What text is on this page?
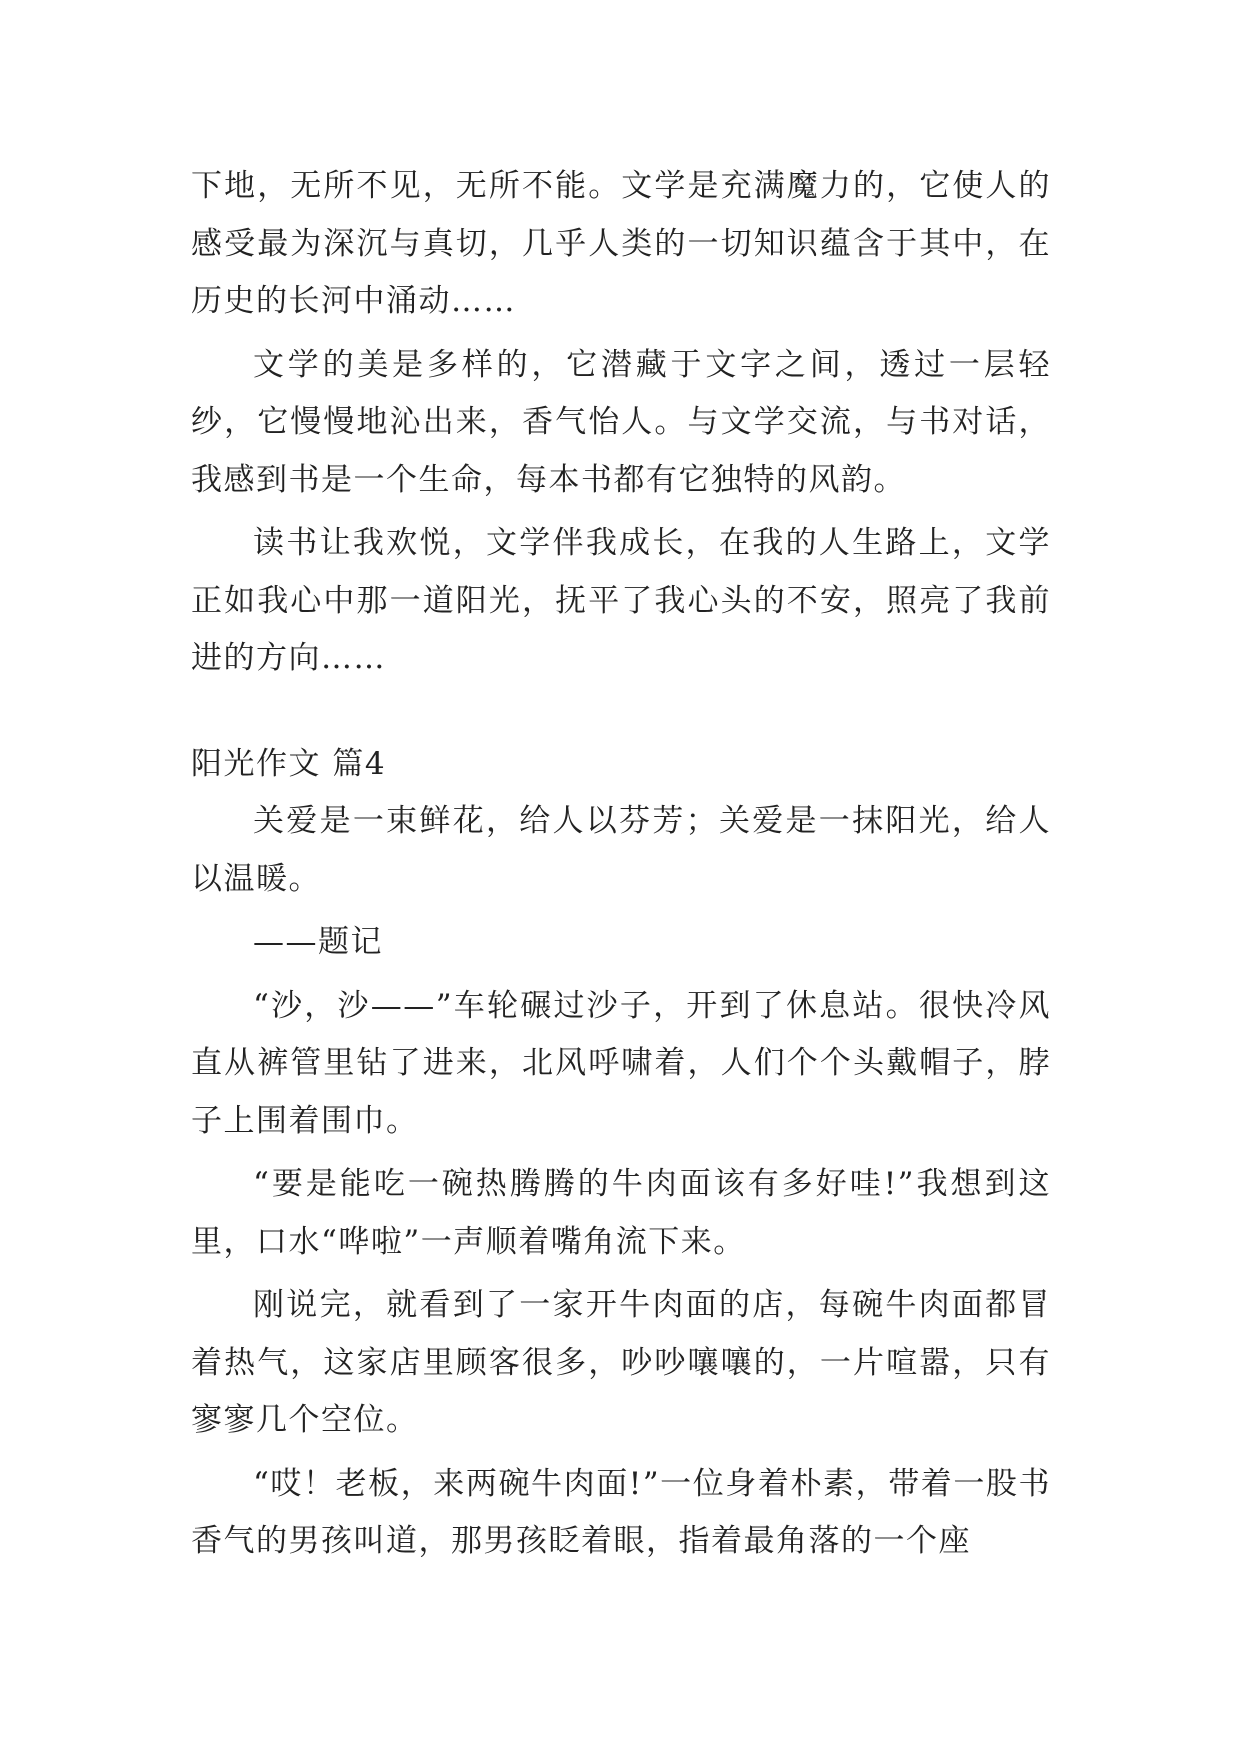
下地，无所不见，无所不能。文学是充满魔力的，它使人的感受最为深沉与真切，几乎人类的一切知识蕴含于其中，在历史的长河中涌动……

文学的美是多样的，它潜藏于文字之间，透过一层轻纱，它慢慢地沁出来，香气怡人。与文学交流，与书对话，我感到书是一个生命，每本书都有它独特的风韵。

读书让我欢悦，文学伴我成长，在我的人生路上，文学正如我心中那一道阳光，抚平了我心头的不安，照亮了我前进的方向……

阳光作文 篇4

关爱是一束鲜花，给人以芬芳；关爱是一抹阳光，给人以温暖。

——题记

“沙，沙——”车轮碾过沙子，开到了休息站。很快冷风直从裤管里钻了进来，北风呼啸着，人们个个头戴帽子，脖子上围着围巾。

“要是能吃一碗热腾腾的牛肉面该有多好哇!”我想到这里，口水“哗啦”一声顺着嘴角流下来。

刚说完，就看到了一家开牛肉面的店，每碗牛肉面都冒着热气，这家店里顾客很多，吵吵嚷嚷的，一片喧嚣，只有寥寥几个空位。

“哎！老板，来两碗牛肉面!”一位身着朴素，带着一股书香气的男孩叫道，那男孩眨着眼，指着最角落的一个座
